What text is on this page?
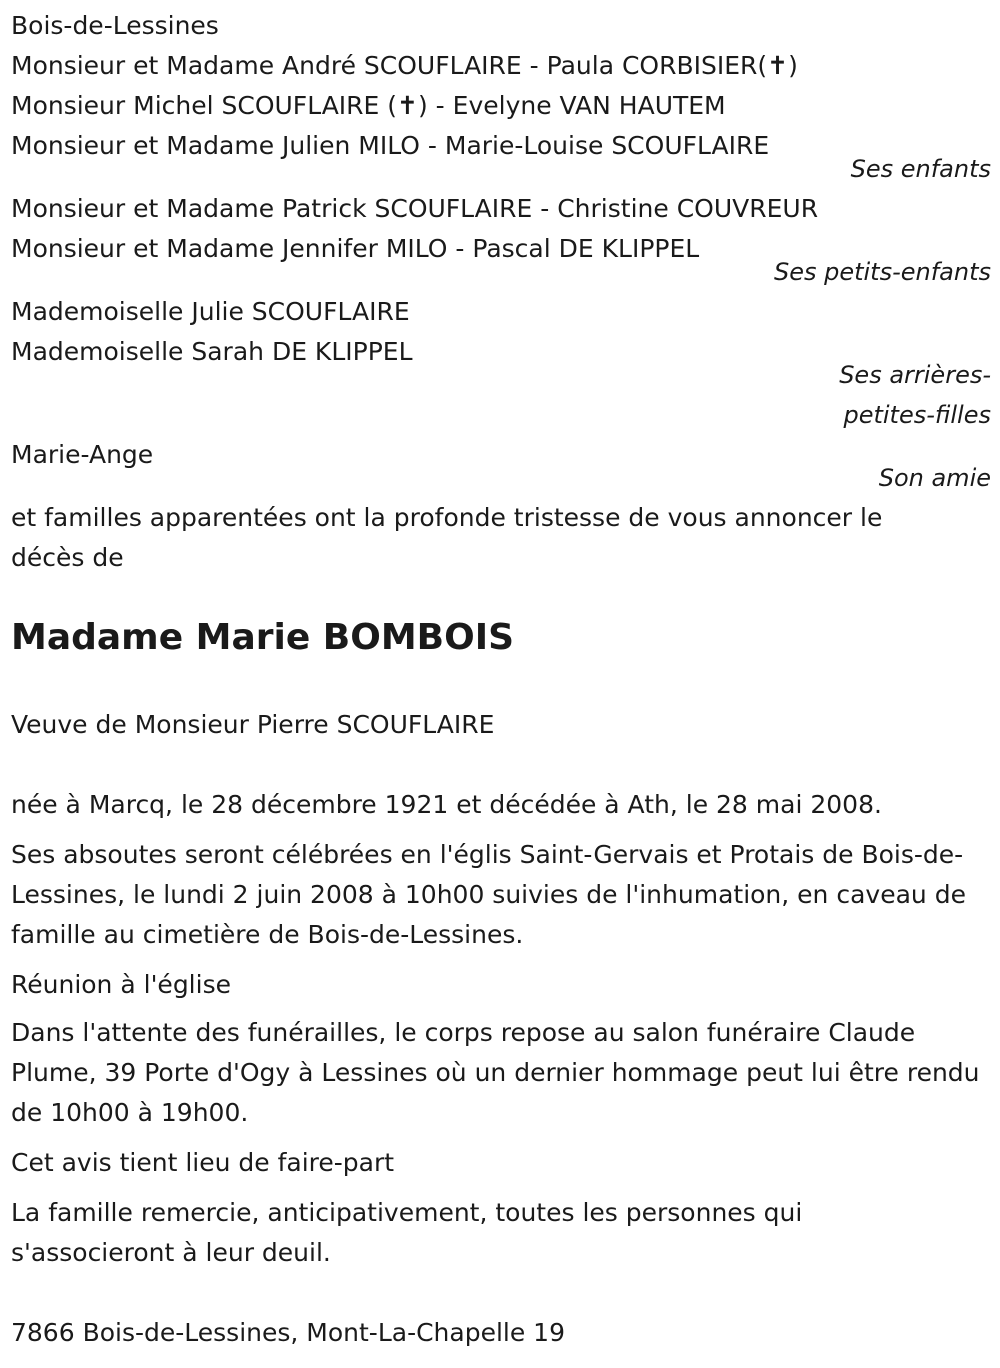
Bois-de-Lessines
Monsieur et Madame André SCOUFLAIRE - Paula CORBISIER(✝)
Monsieur Michel SCOUFLAIRE (✝) - Evelyne VAN HAUTEM
Monsieur et Madame Julien MILO - Marie-Louise SCOUFLAIRE
Ses enfants
Monsieur et Madame Patrick SCOUFLAIRE - Christine COUVREUR
Monsieur et Madame Jennifer MILO - Pascal DE KLIPPEL
Ses petits-enfants
Mademoiselle Julie SCOUFLAIRE
Mademoiselle Sarah DE KLIPPEL
Ses arrières-petites-filles
Marie-Ange
Son amie
et familles apparentées ont la profonde tristesse de vous annoncer le décès de
Madame Marie BOMBOIS
Veuve de Monsieur Pierre SCOUFLAIRE
née à Marcq, le 28 décembre 1921 et décédée à Ath, le 28 mai 2008.
Ses absoutes seront célébrées en l'églis Saint-Gervais et Protais de Bois-de-Lessines, le lundi 2 juin 2008 à 10h00 suivies de l'inhumation, en caveau de famille au cimetière de Bois-de-Lessines.
Réunion à l'église
Dans l'attente des funérailles, le corps repose au salon funéraire Claude Plume, 39 Porte d'Ogy à Lessines où un dernier hommage peut lui être rendu de 10h00 à 19h00.
Cet avis tient lieu de faire-part
La famille remercie, anticipativement, toutes les personnes qui s'associeront à leur deuil.
7866 Bois-de-Lessines, Mont-La-Chapelle 19
